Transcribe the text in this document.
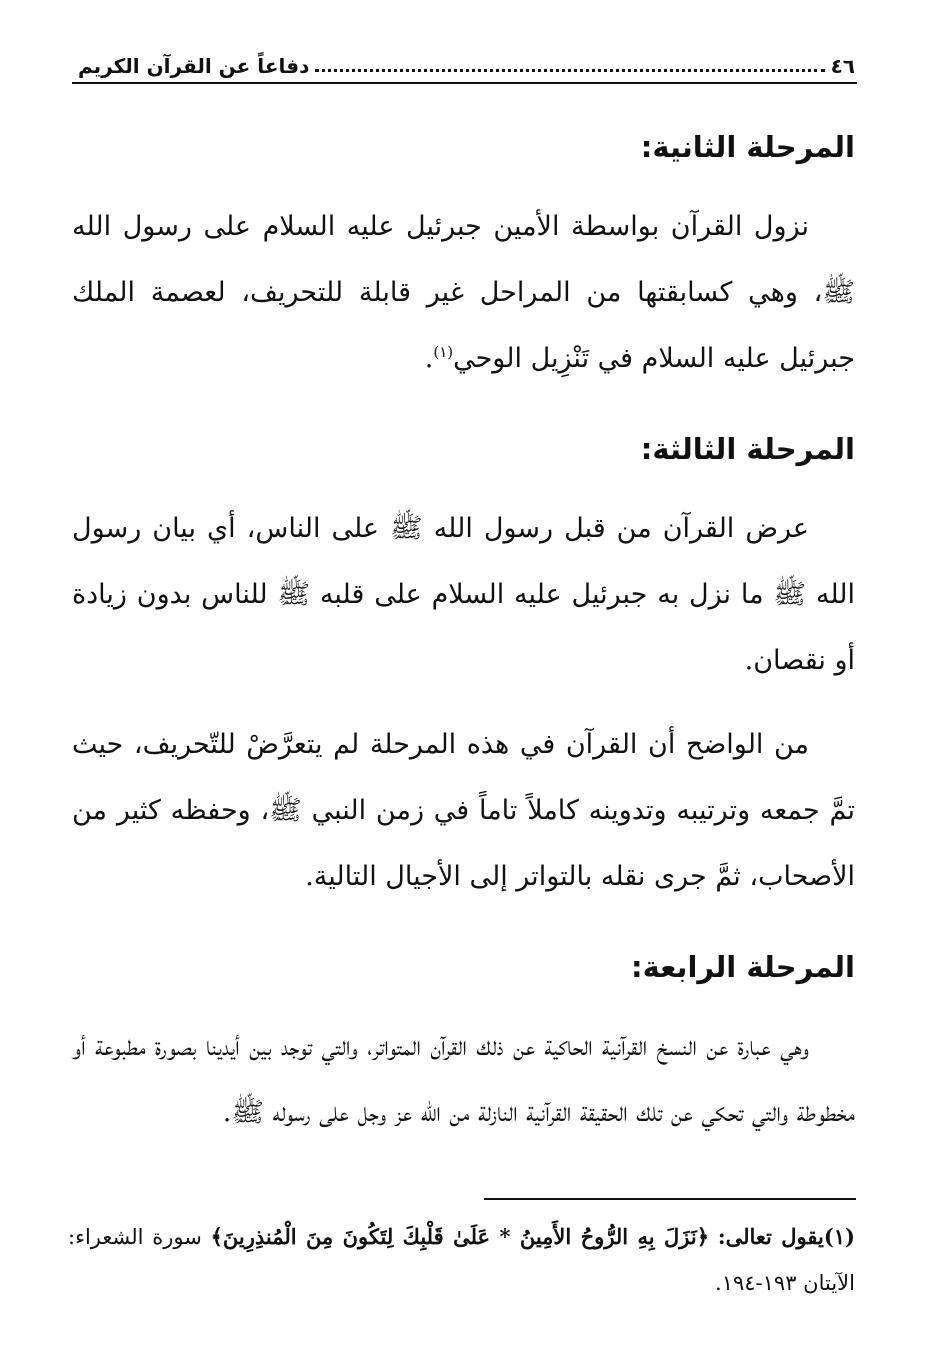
٤٦
دفاعاً عن القرآن الكريم
المرحلة الثانية:

نزول القرآن بواسطة الأمين جبرئيل عليه السلام على رسول الله ﷺ، وهي كسابقتها من المراحل غير قابلة للتحريف، لعصمة الملك جبرئيل عليه السلام في تَنْزِيل الوحي$^{(١)}$.

المرحلة الثالثة:

عرض القرآن من قبل رسول الله ﷺ على الناس، أي بيان رسول الله ﷺ ما نزل به جبرئيل عليه السلام على قلبه ﷺ للناس بدون زيادة أو نقصان.

من الواضح أن القرآن في هذه المرحلة لم يتعرَّضْ للتّحريف، حيث تمَّ جمعه وترتيبه وتدوينه كاملاً تاماً في زمن النبي ﷺ، وحفظه كثير من الأصحاب، ثمَّ جرى نقله بالتواتر إلى الأجيال التالية.

المرحلة الرابعة:

وهي عبارة عن النسخ القرآنية الحاكية عن ذلك القرآن المتواتر، والتي توجد بين أيدينا بصورة مطبوعة أو مخطوطة والتي تحكي عن تلك الحقيقة القرآنية النازلة من الله عز وجل على رسوله ﷺ.

(١)يقول تعالى: ﴿نَزَلَ بِهِ الرُّوحُ الأَمِينُ * عَلَىٰ قَلْبِكَ لِتَكُونَ مِنَ الْمُنذِرِينَ﴾ سورة الشعراء: الآيتان ١٩٣-١٩٤.
